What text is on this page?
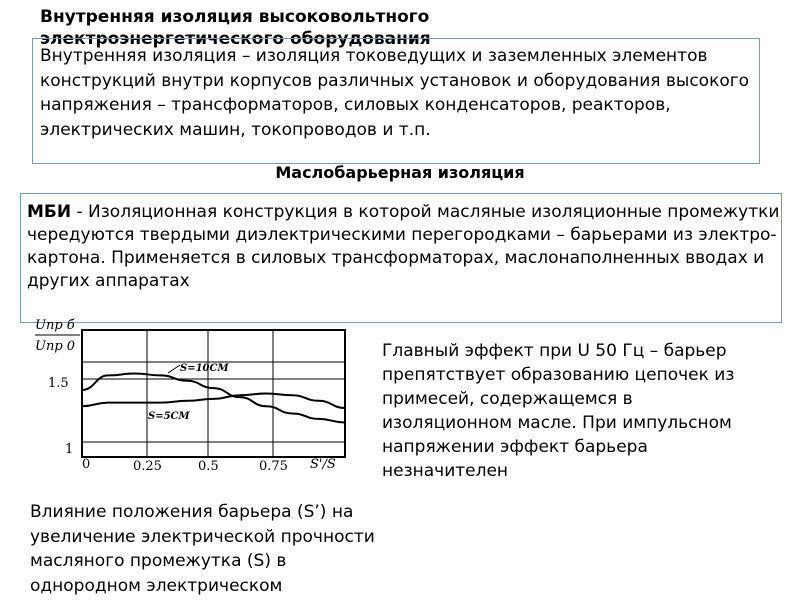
Внутренняя изоляция высоковольтного электроэнергетического оборудования
Внутренняя изоляция – изоляция токоведущих и заземленных элементов конструкций внутри корпусов различных установок и оборудования высокого напряжения – трансформаторов, силовых конденсаторов, реакторов, электрических машин, токопроводов и т.п.
Маслобарьерная изоляция
МБИ - Изоляционная конструкция в которой масляные изоляционные промежутки чередуются твердыми диэлектрическими перегородками – барьерами из электро-картона. Применяется в силовых трансформаторах, маслонаполненных вводах и других аппаратах
Uпр б
Uпр 0
1.5
1
0	0.25	0.5	0.75 S'/S
S=10CM
S=5CM
Главный эффект при U 50 Гц – барьер препятствует образованию цепочек из примесей, содержащемся в изоляционном масле. При импульсном напряжении эффект барьера незначителен
Влияние положения барьера (S’) на увеличение электрической прочности масляного промежутка (S) в однородном электрическом
